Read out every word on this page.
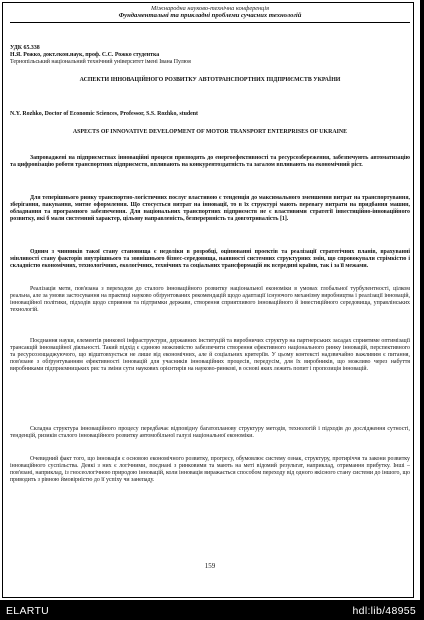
Міжнародна науково-технічна конференція
Фундаментальні та прикладні проблеми сучасних технологій
УДК 65.338
Н.Я. Рожко, докт.екон.наук, проф. С.С. Рожко студентка
Тернопільський національний технічний університет імені Івана Пулюя
АСПЕКТИ ІННОВАЦІЙНОГО РОЗВИТКУ АВТОТРАНСПОРТНИХ ПІДПРИЄМСТВ УКРАЇНИ
N.Y. Rozhko, Doctor of Economic Sciences, Professor, S.S. Rozhko, student
ASPECTS OF INNOVATIVE DEVELOPMENT OF MOTOR TRANSPORT ENTERPRISES OF UKRAINE
Запроваджені на підприємствах інноваційні процеси призводять до енергоефективності та ресурсозбереження, забезпечують автоматизацію та цифровізацію роботи транспортних підприємств, впливають на конкурентоздатність та загалом впливають на економічний ріст.
Для теперішнього ринку транспортно-логістичних послуг властивою є тенденція до максимального зменшення витрат на транспортування, зберігання, пакування, митне оформлення. Що стосується витрат на інновації, то в їх структурі мають перевагу витрати на придбання машин, обладнання та програмного забезпечення. Для національних транспортних підприємств не є властивими стратегії інвестиційно-інноваційного розвитку, які б мали системний характер, цільову направленість, безперервність та довготривалість [1].
Одним з чинників такої стану становища є недоліки в розробці, оцінюванні проектів та реалізації стратегічних планів, врахуванні мінливості стану факторів внутрішнього та зовнішнього бізнес-середовища, наявності системних структурних змін, що спровокували стрімкістю і складністю економічних, технологічних, екологічних, технічних та соціальних трансформацій як всередині країни, так і за її межами.
Реалізація мети, пов'язана з переходом до сталого інноваційного розвитку національної економіки в умовах глобальної турбулентності, цілком реальна, але за умови застосування на практиці науково обґрунтованих рекомендацій щодо адаптації існуючого механізму виробництва і реалізації інновацій, інноваційної політики, підходів щодо сприяння та підтримки держави, створення сприятливого інноваційного й інвестиційного середовища, управлінських технологій.
Поєднання науки, елементів ринкової інфраструктури, державних інституцій та виробничих структур на партнерських засадах сприятиме оптимізації трансакцій інноваційної діяльності. Такий підхід є єдиною можливістю забезпечити створення ефективного національного ринку інновацій, перспективного та ресурсозощаджуючого, що відштовхується не лише від економічних, але й соціальних критеріїв. У цьому контексті надзвичайно важливим є питання, пов'язане з обґрунтуванням ефективності інновацій для учасників інноваційних процесів, передусім, для їх виробників, що можливо через набуття виробниками підприємницьких рис та зміни сути наукових орієнтирів на науково-ринкові, в основі яких лежить попит і пропозиція інновацій.
Складна структура інноваційного процесу передбачає відповідну багатопланову структуру методів, технологій і підходів до дослідження сутності, тенденцій, ризиків сталого інноваційного розвитку автомобільної галузі національної економіки.
Очевидний факт того, що інновація є основою економічного розвитку, прогресу, обумовлює систему ознак, структуру, протиріччя та закони розвитку інноваційного суспільства. Деякі з них є логічними, поєднані з ринковими та мають на меті відомий результат, наприклад, отримання прибутку. Інші – пов'язані, наприклад, із гносеологічною природою інновацій, коли інновація виражається способом переходу від одного якісного стану системи до іншого, що приводить з рівною ймовірністю до її успіху чи занепаду.
159
ELARTU	hdl:lib/48955
